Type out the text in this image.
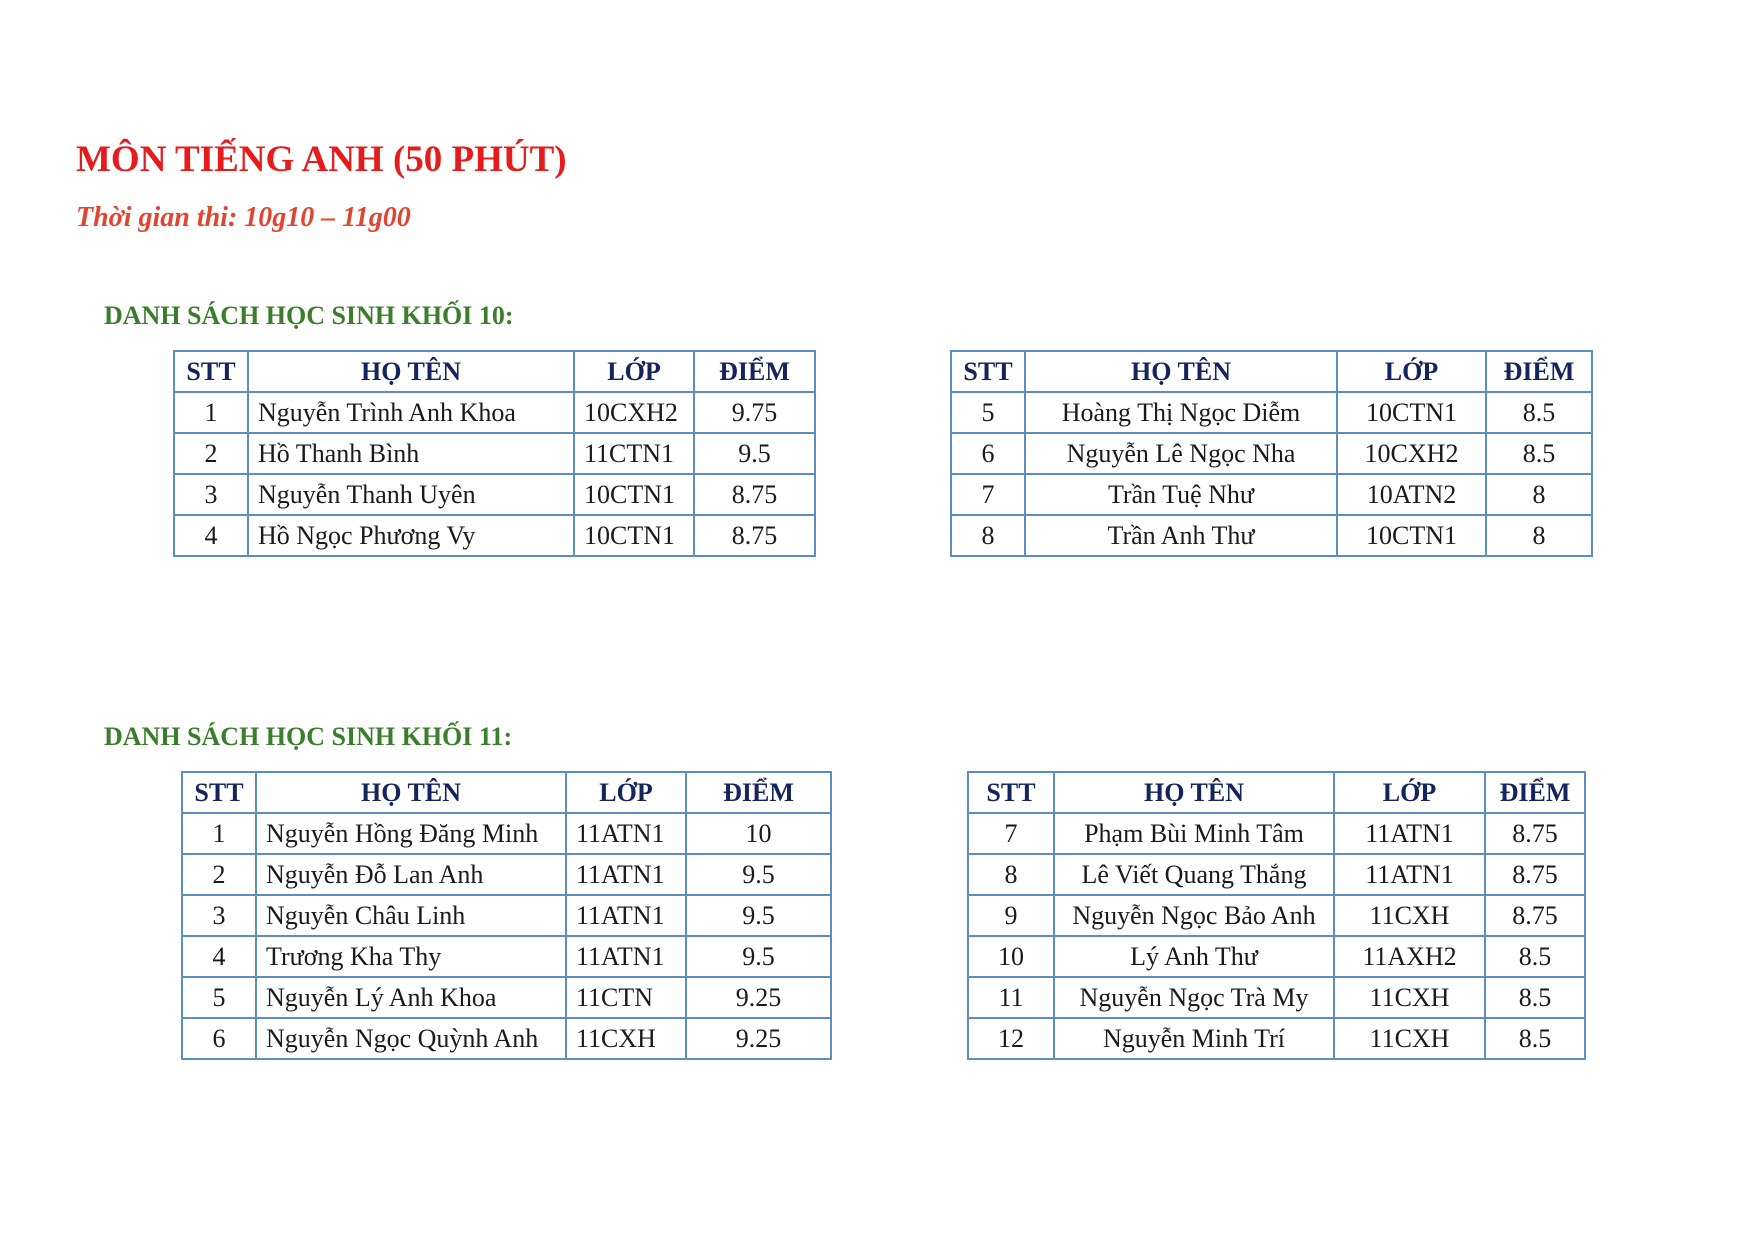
MÔN TIẾNG ANH (50 PHÚT)

Thời gian thi: 10g10 – 11g00

DANH SÁCH HỌC SINH KHỐI 10:
DANH SÁCH HỌC SINH KHỐI 11:
STT	HỌ TÊN	LỚP	ĐIỂM
1	Nguyễn Trình Anh Khoa	10CXH2	9.75
2	Hồ Thanh Bình	11CTN1	9.5
3	Nguyễn Thanh Uyên	10CTN1	8.75
4	Hồ Ngọc Phương Vy	10CTN1	8.75
STT	HỌ TÊN	LỚP	ĐIỂM
5	Hoàng Thị Ngọc Diễm	10CTN1	8.5
6	Nguyễn Lê Ngọc Nha	10CXH2	8.5
7	Trần Tuệ Như	10ATN2	8
8	Trần Anh Thư	10CTN1	8
STT	HỌ TÊN	LỚP	ĐIỂM
1	Nguyễn Hồng Đăng Minh	11ATN1	10
2	Nguyễn Đỗ Lan Anh	11ATN1	9.5
3	Nguyễn Châu Linh	11ATN1	9.5
4	Trương Kha Thy	11ATN1	9.5
5	Nguyễn Lý Anh Khoa	11CTN	9.25
6	Nguyễn Ngọc Quỳnh Anh	11CXH	9.25
STT	HỌ TÊN	LỚP	ĐIỂM
7	Phạm Bùi Minh Tâm	11ATN1	8.75
8	Lê Viết Quang Thắng	11ATN1	8.75
9	Nguyễn Ngọc Bảo Anh	11CXH	8.75
10	Lý Anh Thư	11AXH2	8.5
11	Nguyễn Ngọc Trà My	11CXH	8.5
12	Nguyễn Minh Trí	11CXH	8.5
